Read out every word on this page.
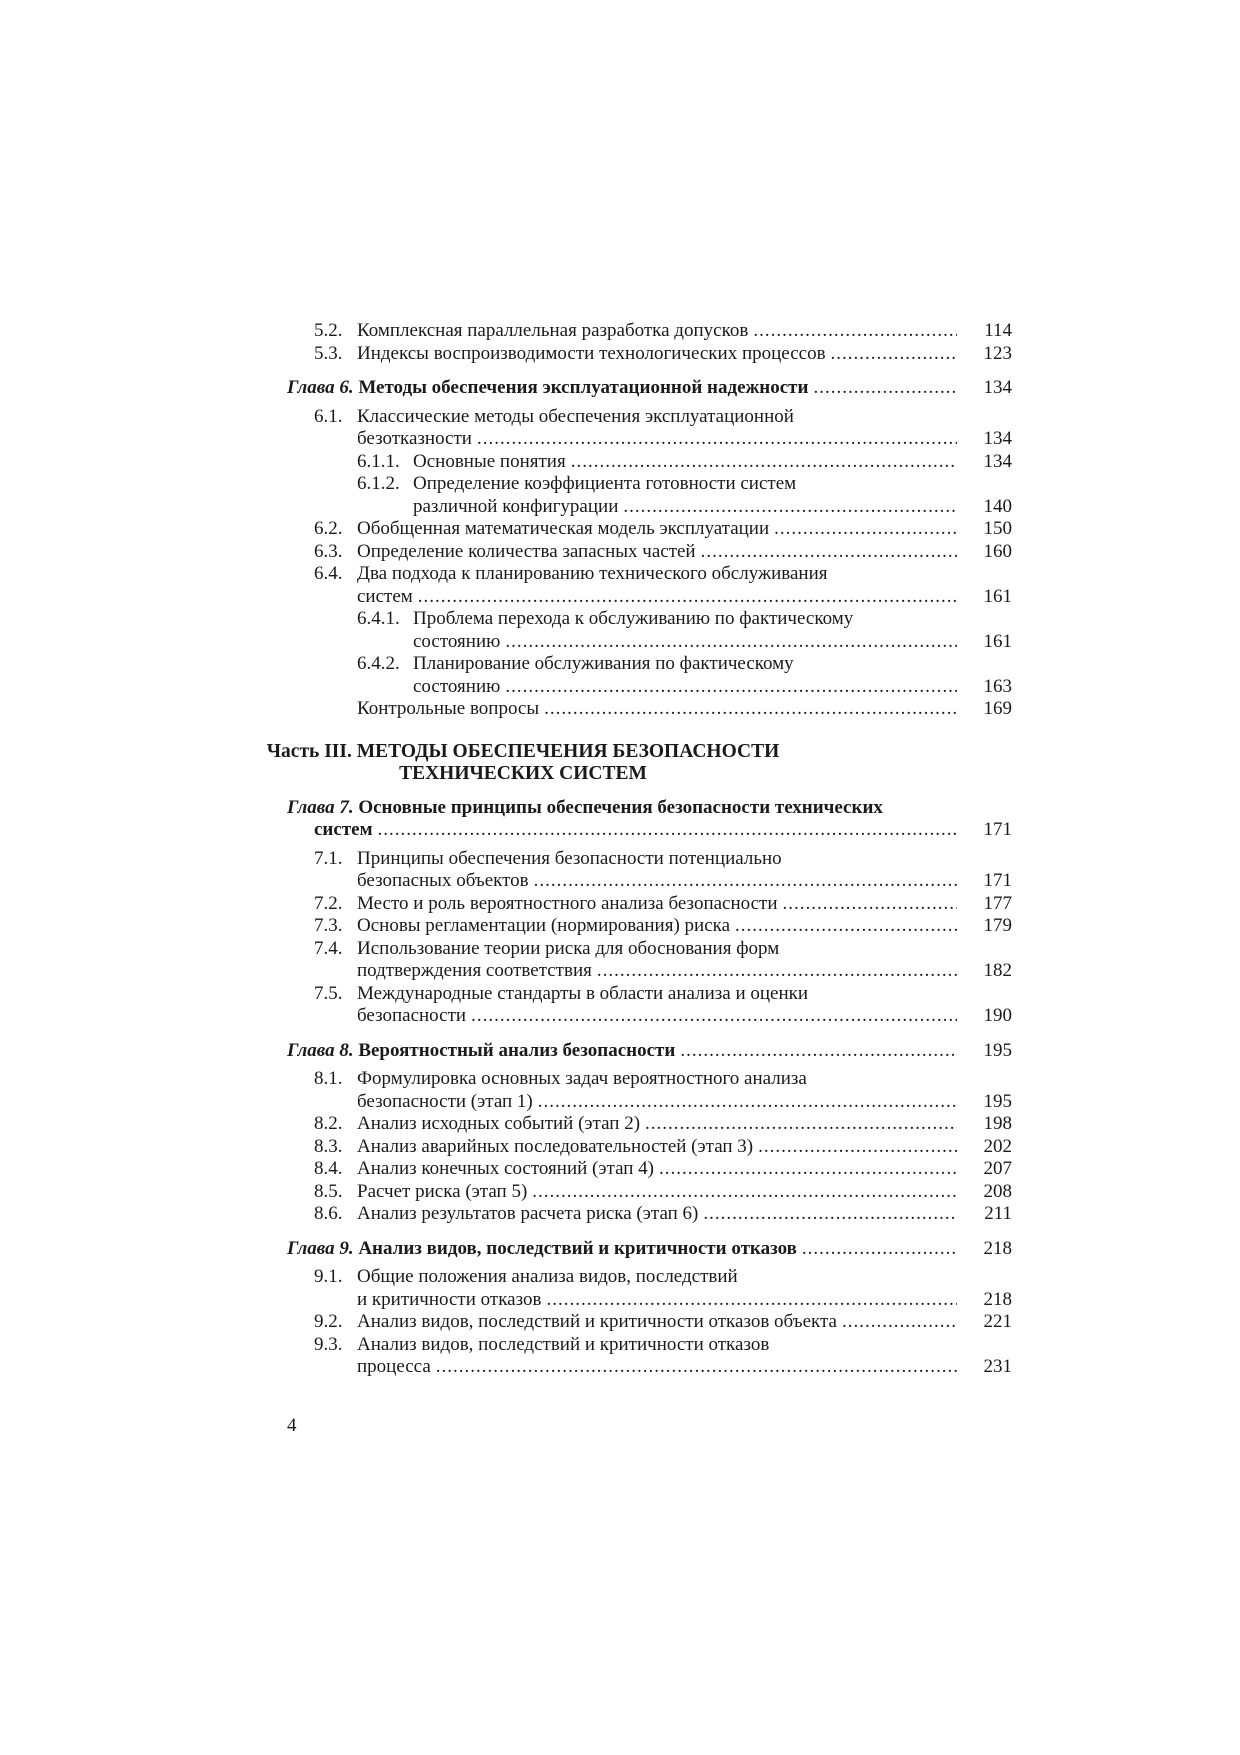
5.2. Комплексная параллельная разработка допусков .....	114
5.3. Индексы воспроизводимости технологических процессов .....	123
Глава 6. Методы обеспечения эксплуатационной надежности .....	134
6.1. Классические методы обеспечения эксплуатационной
безотказности .....	134
6.1.1. Основные понятия .....	134
6.1.2. Определение коэффициента готовности систем
различной конфигурации .....	140
6.2. Обобщенная математическая модель эксплуатации .....	150
6.3. Определение количества запасных частей .....	160
6.4. Два подхода к планированию технического обслуживания
систем .....	161
6.4.1. Проблема перехода к обслуживанию по фактическому
состоянию .....	161
6.4.2. Планирование обслуживания по фактическому
состоянию .....	163
Контрольные вопросы .....	169
Часть III. МЕТОДЫ ОБЕСПЕЧЕНИЯ БЕЗОПАСНОСТИ
ТЕХНИЧЕСКИХ СИСТЕМ
Глава 7. Основные принципы обеспечения безопасности технических
систем .....	171
7.1. Принципы обеспечения безопасности потенциально
безопасных объектов .....	171
7.2. Место и роль вероятностного анализа безопасности .....	177
7.3. Основы регламентации (нормирования) риска .....	179
7.4. Использование теории риска для обоснования форм
подтверждения соответствия .....	182
7.5. Международные стандарты в области анализа и оценки
безопасности .....	190
Глава 8. Вероятностный анализ безопасности .....	195
8.1. Формулировка основных задач вероятностного анализа
безопасности (этап 1) .....	195
8.2. Анализ исходных событий (этап 2) .....	198
8.3. Анализ аварийных последовательностей (этап 3) .....	202
8.4. Анализ конечных состояний (этап 4) .....	207
8.5. Расчет риска (этап 5) .....	208
8.6. Анализ результатов расчета риска (этап 6) .....	211
Глава 9. Анализ видов, последствий и критичности отказов .....	218
9.1. Общие положения анализа видов, последствий
и критичности отказов .....	218
9.2. Анализ видов, последствий и критичности отказов объекта .....	221
9.3. Анализ видов, последствий и критичности отказов
процесса .....	231
4
